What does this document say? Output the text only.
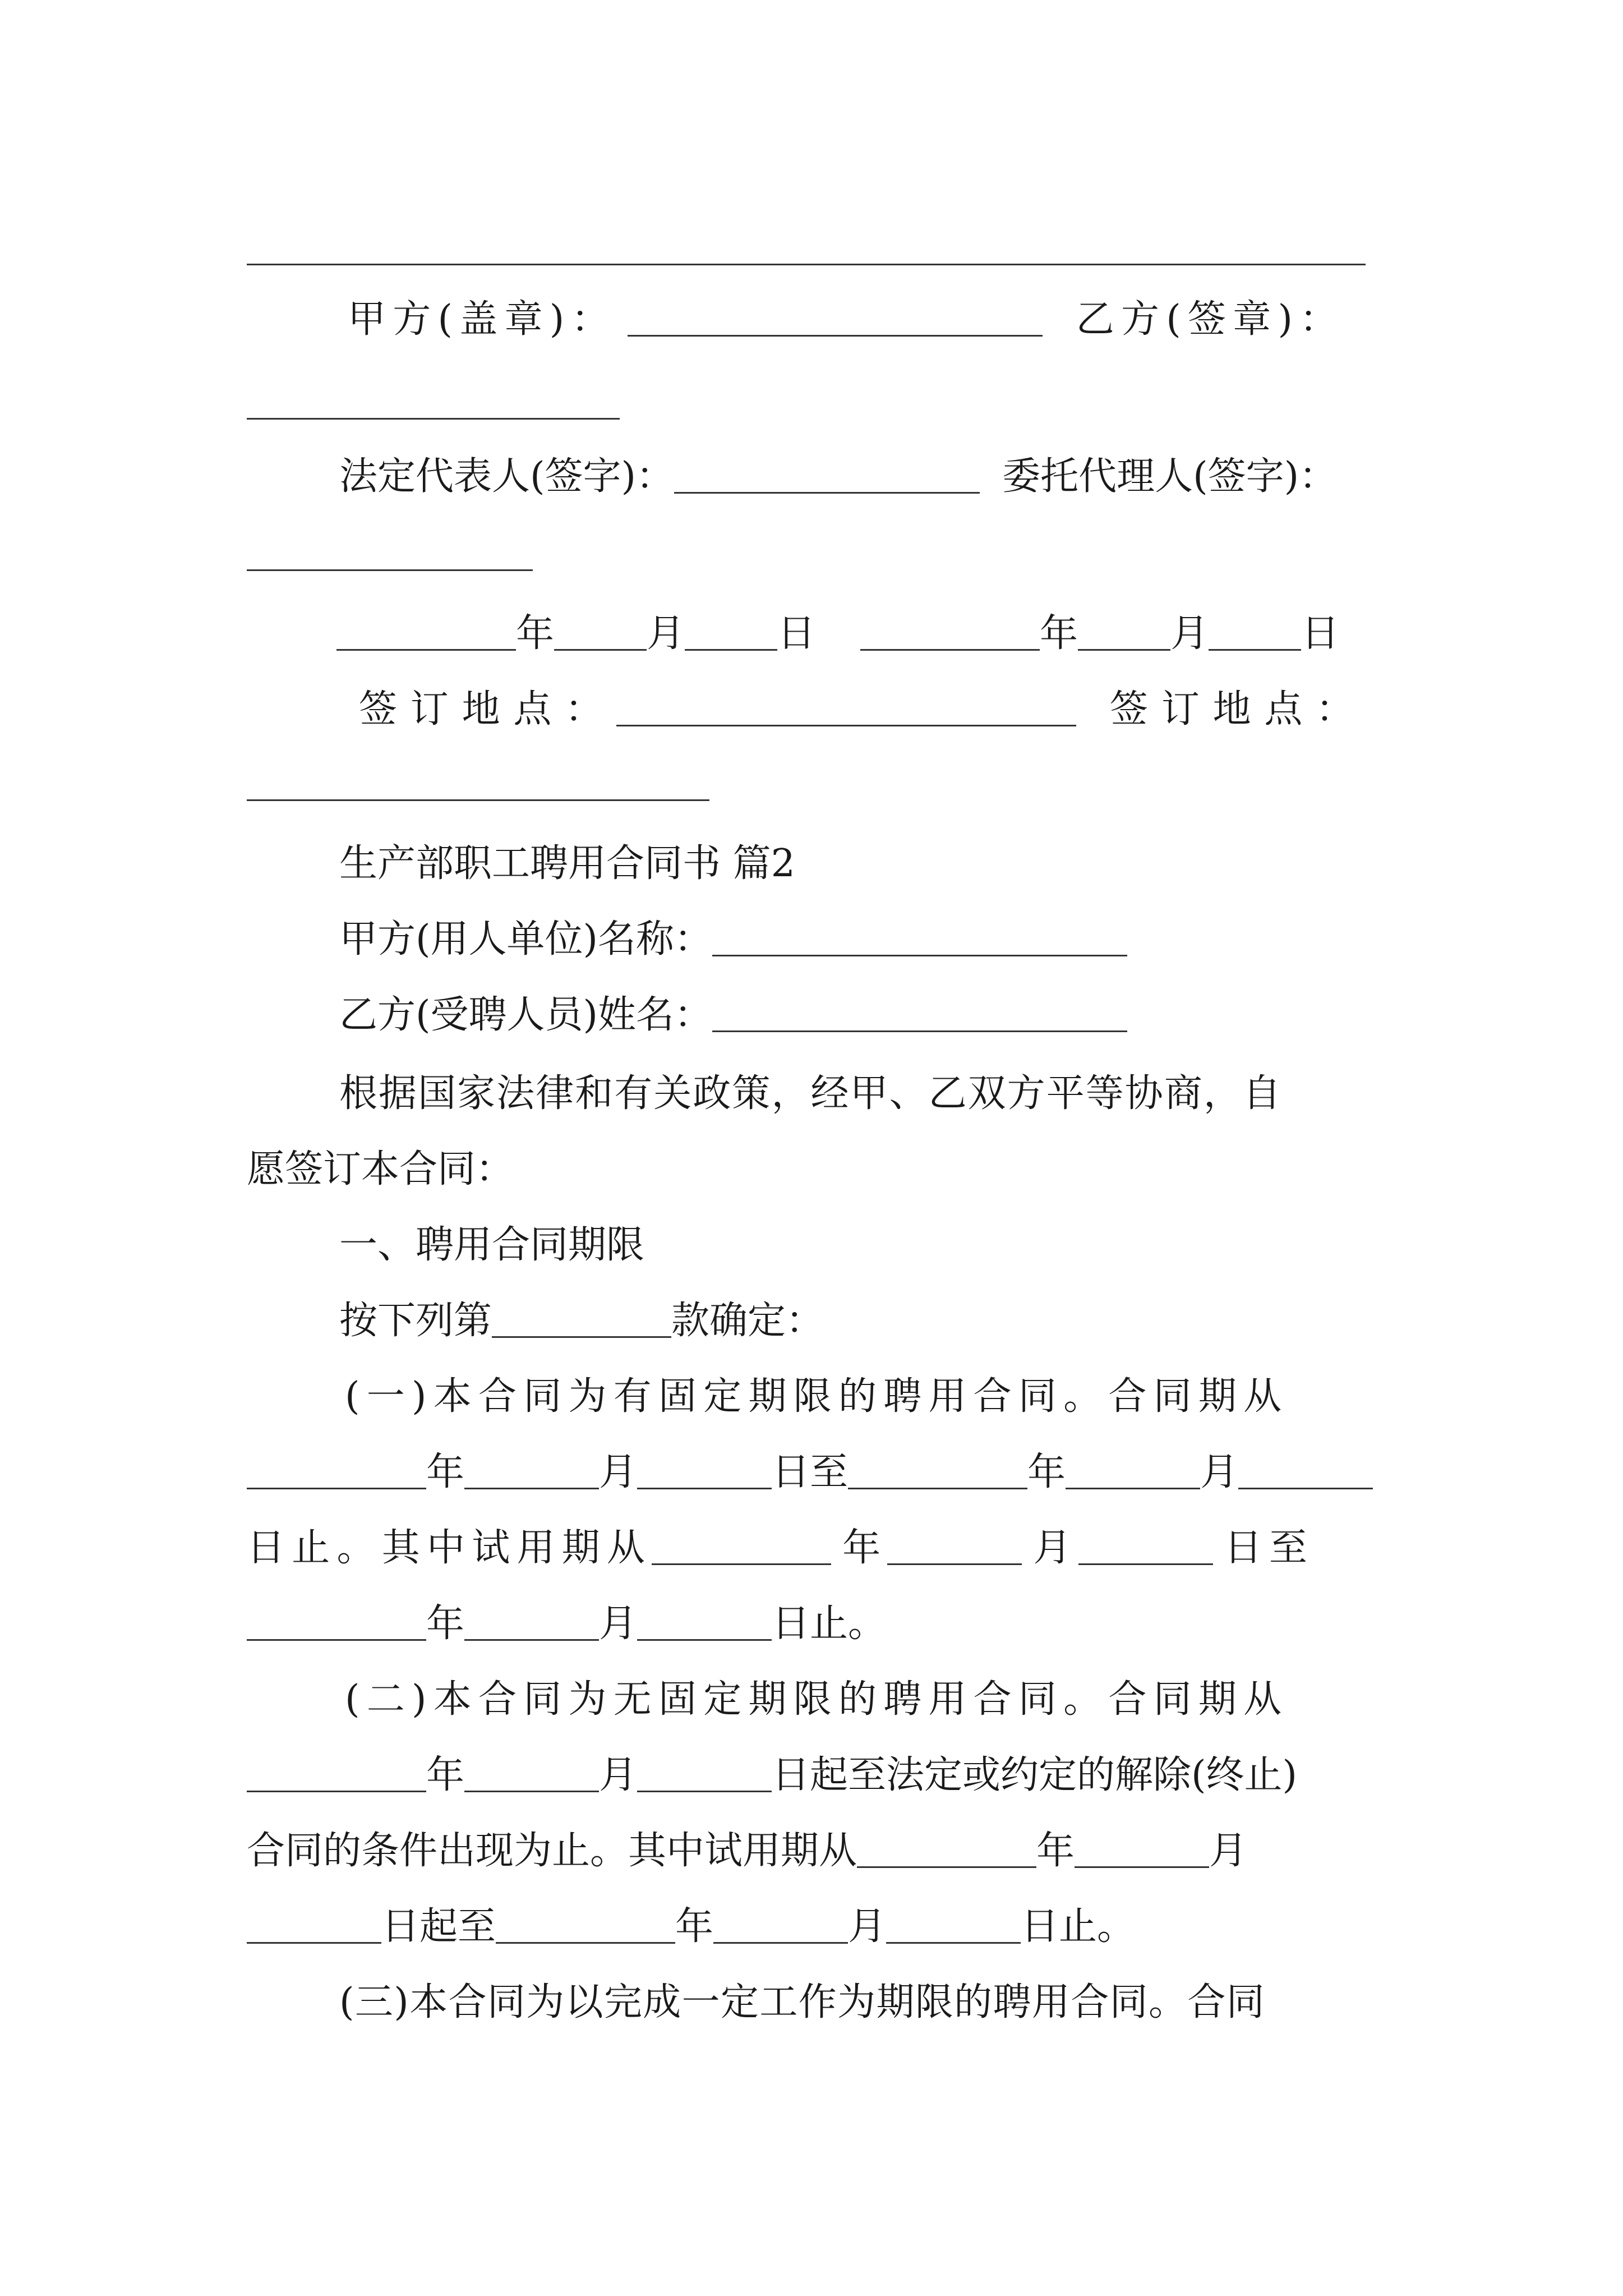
甲方(盖章)：	乙方(签章)：
法定代表人(签字)：	委托代理人(签字)：
年 月 日	年 月 日
签订地点：	签订地点：
生产部职工聘用合同书 篇2
甲方(用人单位)名称：
乙方(受聘人员)姓名：
根据国家法律和有关政策，经甲、乙双方平等协商，自
愿签订本合同：
一、聘用合同期限
按下列第	款确定：
(一)本合同为有固定期限的聘用合同。合同期从
年	月	日至	年	月
日止。其中试用期从	年	月	日至
年	月	日止。
(二)本合同为无固定期限的聘用合同。合同期从
年	月	日起至法定或约定的解除(终止)
合同的条件出现为止。其中试用期从	年	月
日起至	年	月	日止。
(三)本合同为以完成一定工作为期限的聘用合同。合同
